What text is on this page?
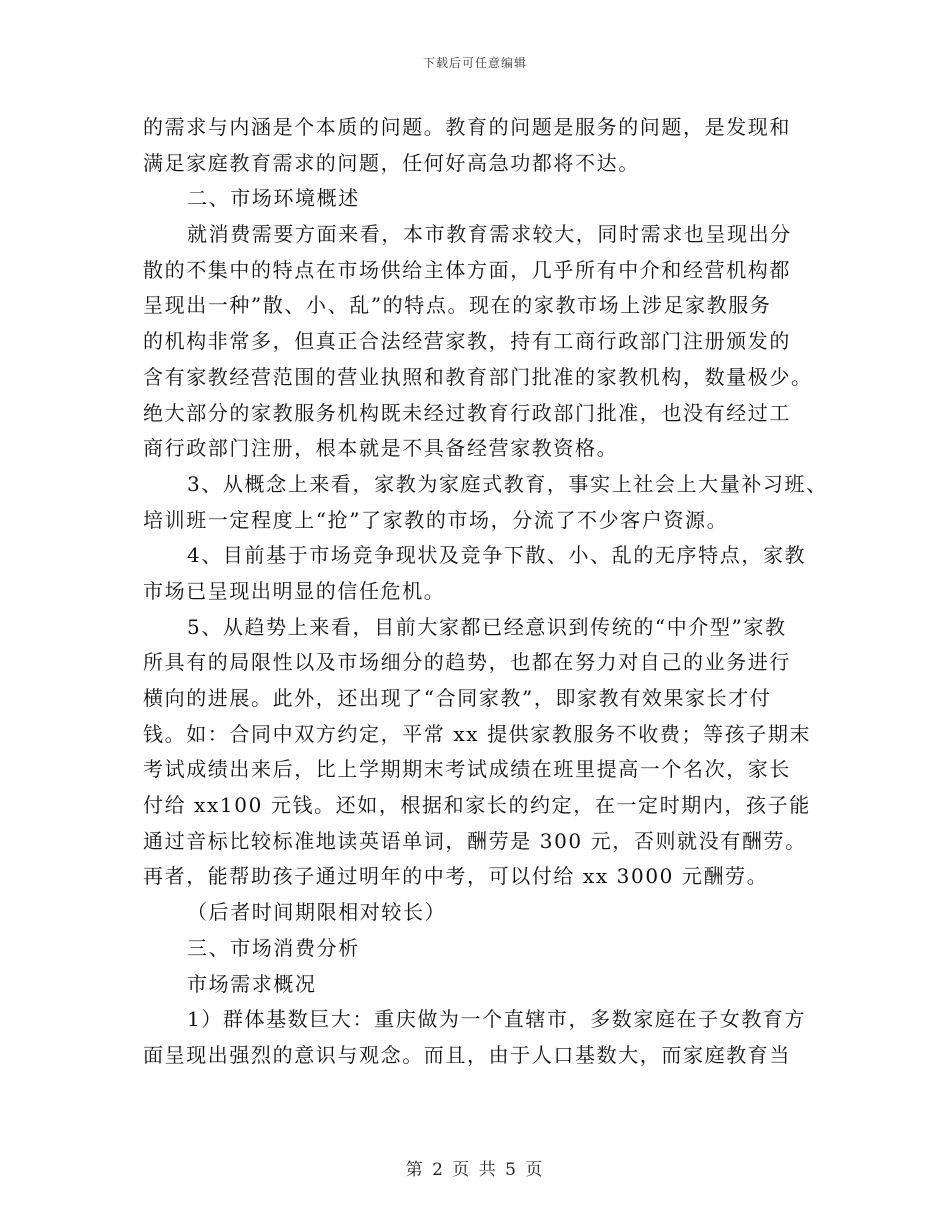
下载后可任意编辑
的需求与内涵是个本质的问题。教育的问题是服务的问题，是发现和
满足家庭教育需求的问题，任何好高急功都将不达。
二、市场环境概述
就消费需要方面来看，本市教育需求较大，同时需求也呈现出分
散的不集中的特点在市场供给主体方面，几乎所有中介和经营机构都
呈现出一种”散、小、乱”的特点。现在的家教市场上涉足家教服务
的机构非常多，但真正合法经营家教，持有工商行政部门注册颁发的
含有家教经营范围的营业执照和教育部门批准的家教机构，数量极少。
绝大部分的家教服务机构既未经过教育行政部门批准，也没有经过工
商行政部门注册，根本就是不具备经营家教资格。
3、从概念上来看，家教为家庭式教育，事实上社会上大量补习班、
培训班一定程度上“抢”了家教的市场，分流了不少客户资源。
4、目前基于市场竞争现状及竞争下散、小、乱的无序特点，家教
市场已呈现出明显的信任危机。
5、从趋势上来看，目前大家都已经意识到传统的“中介型”家教
所具有的局限性以及市场细分的趋势，也都在努力对自己的业务进行
横向的进展。此外，还出现了“合同家教”，即家教有效果家长才付
钱。如：合同中双方约定，平常 xx 提供家教服务不收费；等孩子期末
考试成绩出来后，比上学期期末考试成绩在班里提高一个名次，家长
付给 xx100 元钱。还如，根据和家长的约定，在一定时期内，孩子能
通过音标比较标准地读英语单词，酬劳是 300 元，否则就没有酬劳。
再者，能帮助孩子通过明年的中考，可以付给 xx 3000 元酬劳。
（后者时间期限相对较长）
三、市场消费分析
市场需求概况
1）群体基数巨大：重庆做为一个直辖市，多数家庭在子女教育方
面呈现出强烈的意识与观念。而且，由于人口基数大，而家庭教育当
第 2 页 共 5 页
